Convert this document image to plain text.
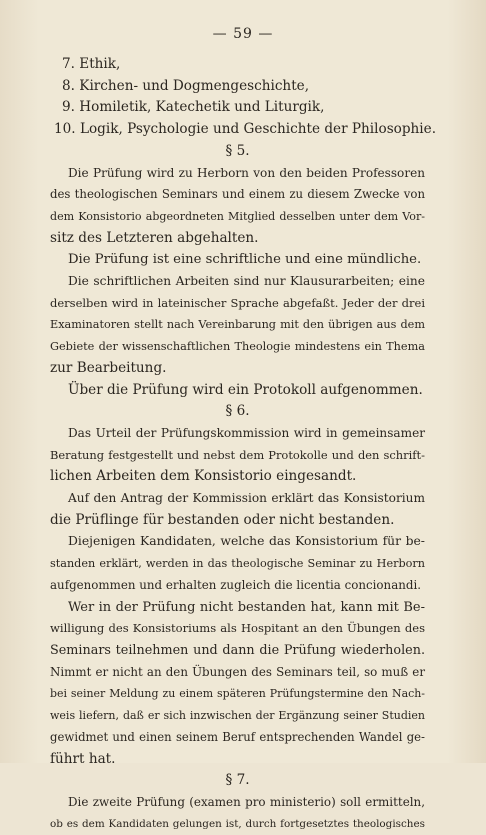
— 59 —
7. Ethik,
8. Kirchen- und Dogmengeschichte,
9. Homiletik, Katechetik und Liturgik,
10. Logik, Psychologie und Geschichte der Philosophie.
§ 5.
Die Prüfung wird zu Herborn von den beiden Professoren
des theologischen Seminars und einem zu diesem Zwecke von
dem Konsistorio abgeordneten Mitglied desselben unter dem Vor-
sitz des Letzteren abgehalten.
Die Prüfung ist eine schriftliche und eine mündliche.
Die schriftlichen Arbeiten sind nur Klausurarbeiten; eine
derselben wird in lateinischer Sprache abgefaßt. Jeder der drei
Examinatoren stellt nach Vereinbarung mit den übrigen aus dem
Gebiete der wissenschaftlichen Theologie mindestens ein Thema
zur Bearbeitung.
Über die Prüfung wird ein Protokoll aufgenommen.
§ 6.
Das Urteil der Prüfungskommission wird in gemeinsamer
Beratung festgestellt und nebst dem Protokolle und den schrift-
lichen Arbeiten dem Konsistorio eingesandt.
Auf den Antrag der Kommission erklärt das Konsistorium
die Prüflinge für bestanden oder nicht bestanden.
Diejenigen Kandidaten, welche das Konsistorium für be-
standen erklärt, werden in das theologische Seminar zu Herborn
aufgenommen und erhalten zugleich die licentia concionandi.
Wer in der Prüfung nicht bestanden hat, kann mit Be-
willigung des Konsistoriums als Hospitant an den Übungen des
Seminars teilnehmen und dann die Prüfung wiederholen.
Nimmt er nicht an den Übungen des Seminars teil, so muß er
bei seiner Meldung zu einem späteren Prüfungstermine den Nach-
weis liefern, daß er sich inzwischen der Ergänzung seiner Studien
gewidmet und einen seinem Beruf entsprechenden Wandel ge-
führt hat.
§ 7.
Die zweite Prüfung (examen pro ministerio) soll ermitteln,
ob es dem Kandidaten gelungen ist, durch fortgesetztes theologisches
